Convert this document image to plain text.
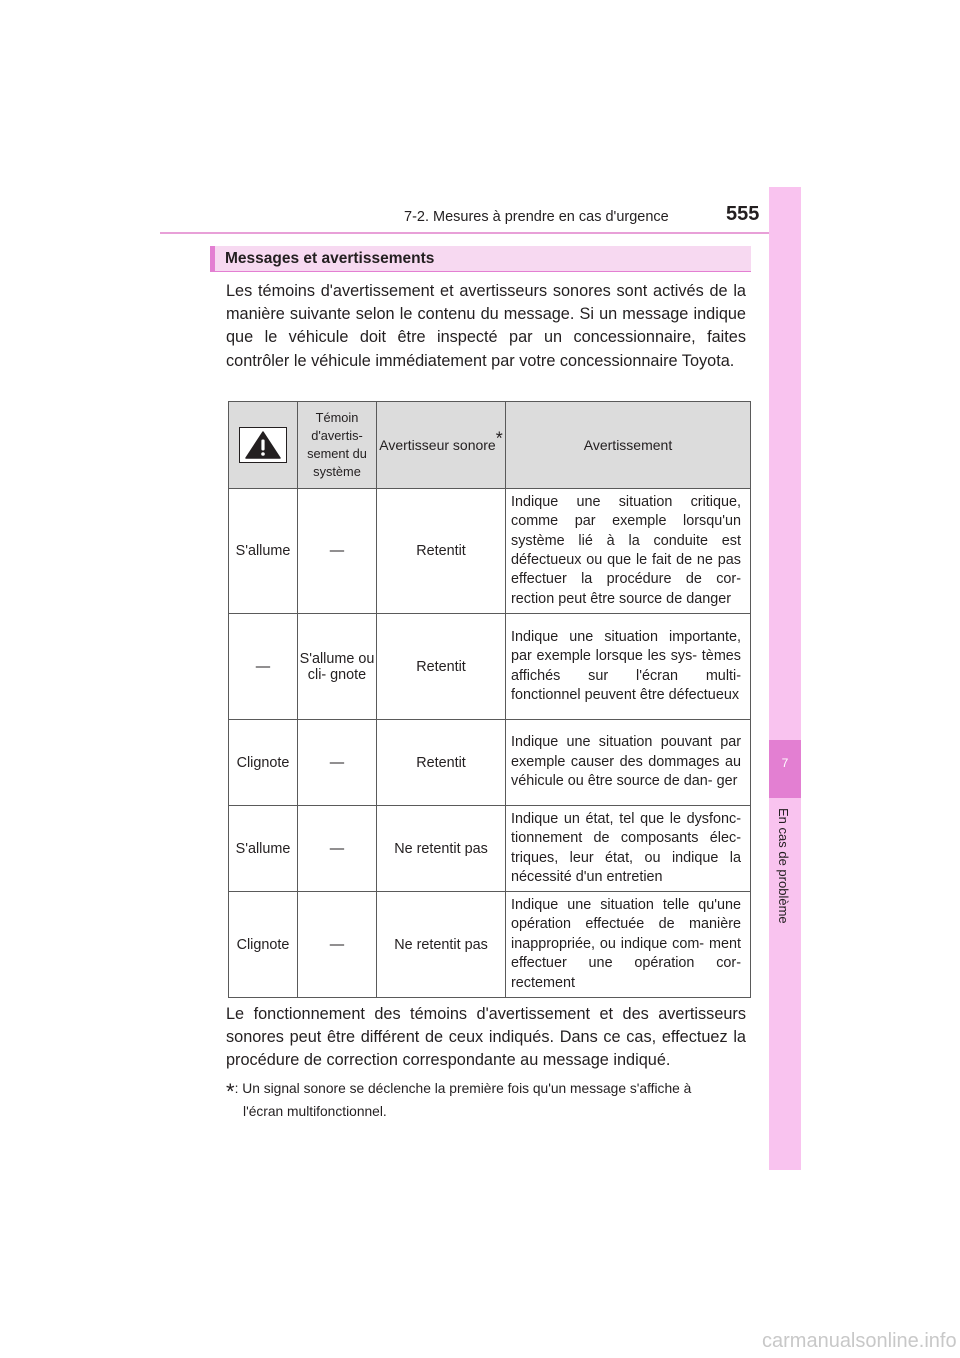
7-2. Mesures à prendre en cas d'urgence	555
7
En cas de problème
Messages et avertissements
Les témoins d'avertissement et avertisseurs sonores sont activés de la manière suivante selon le contenu du message. Si un message indique que le véhicule doit être inspecté par un concessionnaire, faites contrôler le véhicule immédiatement par votre concessionnaire Toyota.

Témoin d'avertis- sement du système	Avertisseur sonore*	Avertissement
S'allume	—	Retentit	Indique une situation critique, comme par exemple lorsqu'un système lié à la conduite est défectueux ou que le fait de ne pas effectuer la procédure de cor- rection peut être source de danger
—	S'allume ou cli- gnote	Retentit	Indique une situation importante, par exemple lorsque les sys- tèmes affichés sur l'écran multi- fonctionnel peuvent être défectueux
Clignote	—	Retentit	Indique une situation pouvant par exemple causer des dommages au véhicule ou être source de dan- ger
S'allume	—	Ne retentit pas	Indique un état, tel que le dysfonc- tionnement de composants élec- triques, leur état, ou indique la nécessité d'un entretien
Clignote	—	Ne retentit pas	Indique une situation telle qu'une opération effectuée de manière inappropriée, ou indique com- ment effectuer une opération cor- rectement
Le fonctionnement des témoins d'avertissement et des avertisseurs sonores peut être différent de ceux indiqués. Dans ce cas, effectuez la procédure de correction correspondante au message indiqué.
*: Un signal sonore se déclenche la première fois qu'un message s'affiche à
l'écran multifonctionnel.
carmanualsonline.info
